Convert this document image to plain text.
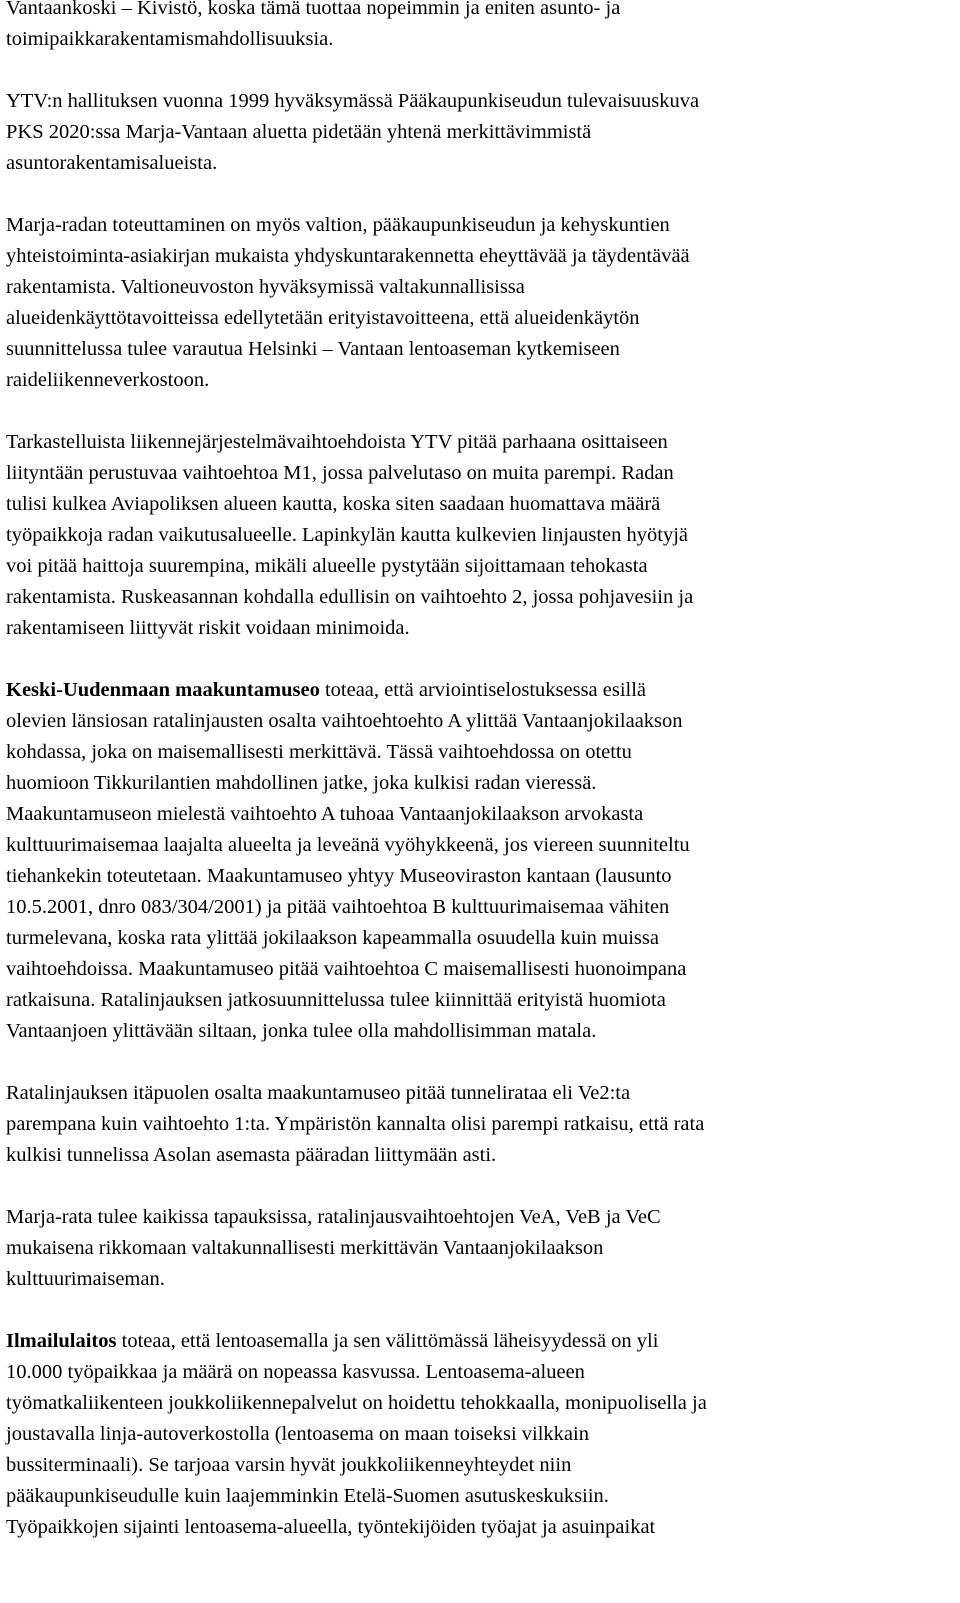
Vantaankoski – Kivistö, koska tämä tuottaa nopeimmin ja eniten asunto- ja
toimipaikkarakentamismahdollisuuksia.

YTV:n hallituksen vuonna 1999 hyväksymässä Pääkaupunkiseudun tulevaisuuskuva
PKS 2020:ssa Marja-Vantaan aluetta pidetään yhtenä merkittävimmistä
asuntorakentamisalueista.

Marja-radan toteuttaminen on myös valtion, pääkaupunkiseudun ja kehyskuntien
yhteistoiminta-asiakirjan mukaista yhdyskuntarakennetta eheyttävää ja täydentävää
rakentamista. Valtioneuvoston hyväksymissä valtakunnallisissa
alueidenkäyttötavoitteissa edellytetään erityistavoitteena, että alueidenkäytön
suunnittelussa tulee varautua Helsinki – Vantaan lentoaseman kytkemiseen
raideliikenneverkostoon.

Tarkastelluista liikennejärjestelmävaihtoehdoista YTV pitää parhaana osittaiseen
liityntään perustuvaa vaihtoehtoa M1, jossa palvelutaso on muita parempi. Radan
tulisi kulkea Aviapoliksen alueen kautta, koska siten saadaan huomattava määrä
työpaikkoja radan vaikutusalueelle. Lapinkylän kautta kulkevien linjausten hyötyjä
voi pitää haittoja suurempina, mikäli alueelle pystytään sijoittamaan tehokasta
rakentamista. Ruskeasannan kohdalla edullisin on vaihtoehto 2, jossa pohjavesiin ja
rakentamiseen liittyvät riskit voidaan minimoida.

Keski-Uudenmaan maakuntamuseo toteaa, että arviointiselostuksessa esillä
olevien länsiosan ratalinjausten osalta vaihtoehtoehto A ylittää Vantaanjokilaakson
kohdassa, joka on maisemallisesti merkittävä. Tässä vaihtoehdossa on otettu
huomioon Tikkurilantien mahdollinen jatke, joka kulkisi radan vieressä.
Maakuntamuseon mielestä vaihtoehto A tuhoaa Vantaanjokilaakson arvokasta
kulttuurimaisemaa laajalta alueelta ja leveänä vyöhykkeenä, jos viereen suunniteltu
tiehankekin toteutetaan. Maakuntamuseo yhtyy Museoviraston kantaan (lausunto
10.5.2001, dnro 083/304/2001) ja pitää vaihtoehtoa B kulttuurimaisemaa vähiten
turmelevana, koska rata ylittää jokilaakson kapeammalla osuudella kuin muissa
vaihtoehdoissa. Maakuntamuseo pitää vaihtoehtoa C maisemallisesti huonoimpana
ratkaisuna. Ratalinjauksen jatkosuunnittelussa tulee kiinnittää erityistä huomiota
Vantaanjoen ylittävään siltaan, jonka tulee olla mahdollisimman matala.

Ratalinjauksen itäpuolen osalta maakuntamuseo pitää tunnelirataa eli Ve2:ta
parempana kuin vaihtoehto 1:ta. Ympäristön kannalta olisi parempi ratkaisu, että rata
kulkisi tunnelissa Asolan asemasta pääradan liittymään asti.

Marja-rata tulee kaikissa tapauksissa, ratalinjausvaihtoehtojen VeA, VeB ja VeC
mukaisena rikkomaan valtakunnallisesti merkittävän Vantaanjokilaakson
kulttuurimaiseman.

Ilmailulaitos toteaa, että lentoasemalla ja sen välittömässä läheisyydessä on yli
10.000 työpaikkaa ja määrä on nopeassa kasvussa. Lentoasema-alueen
työmatkaliikenteen joukkoliikennepalvelut on hoidettu tehokkaalla, monipuolisella ja
joustavalla linja-autoverkostolla (lentoasema on maan toiseksi vilkkain
bussiterminaali). Se tarjoaa varsin hyvät joukkoliikenneyhteydet niin
pääkaupunkiseudulle kuin laajemminkin Etelä-Suomen asutuskeskuksiin.
Työpaikkojen sijainti lentoasema-alueella, työntekijöiden työajat ja asuinpaikat
